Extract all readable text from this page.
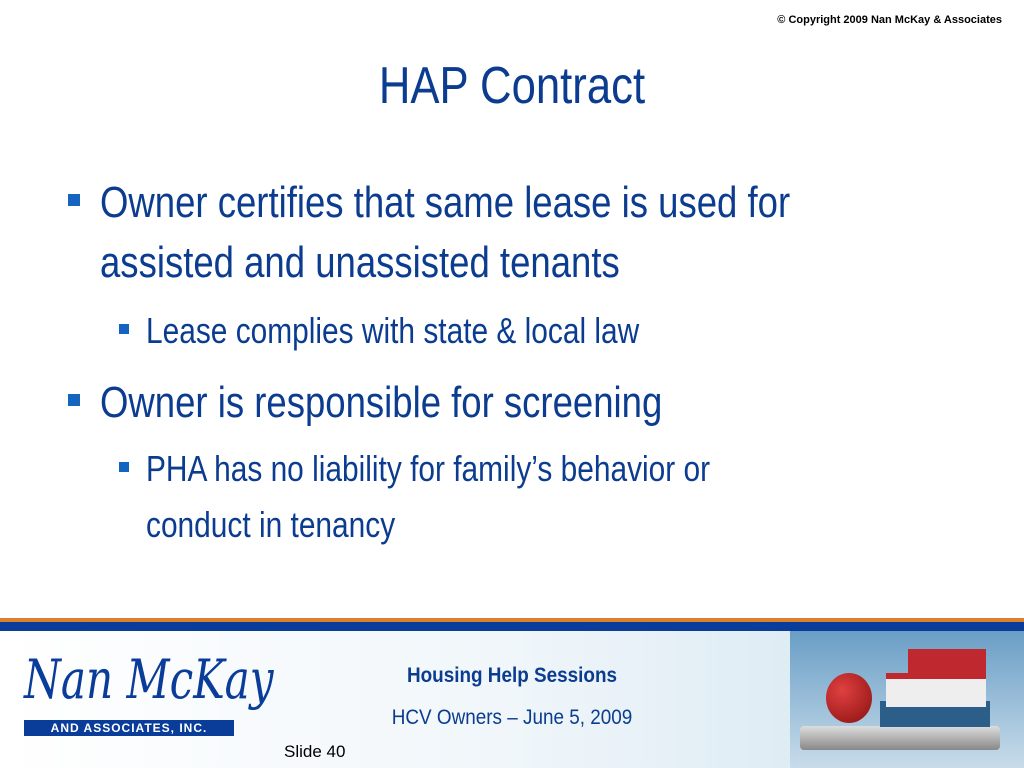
© Copyright 2009 Nan McKay & Associates
HAP Contract
Owner certifies that same lease is used for
assisted and unassisted tenants
Lease complies with state & local law
Owner is responsible for screening
PHA has no liability for family’s behavior or
conduct in tenancy
Nan McKay
AND ASSOCIATES, INC.
Housing Help Sessions
HCV Owners – June 5, 2009
Slide 40
